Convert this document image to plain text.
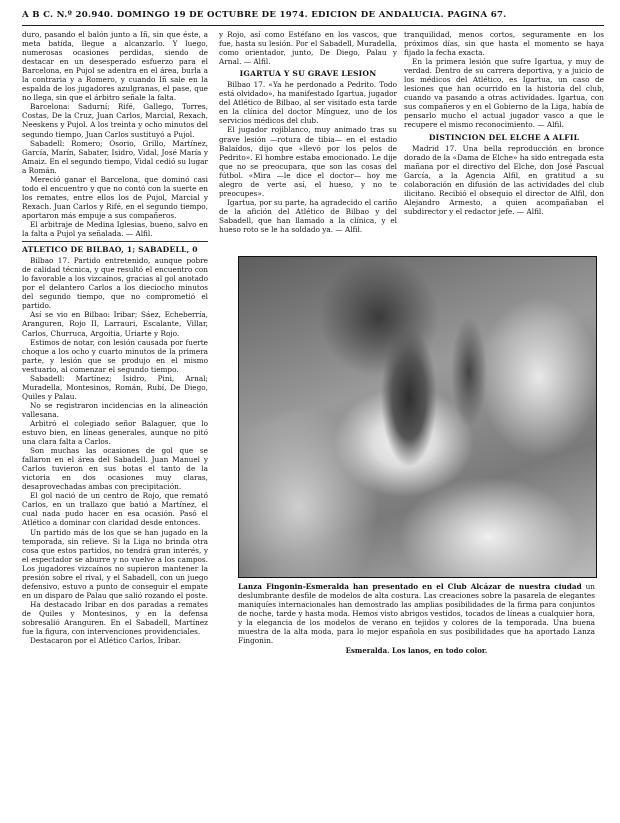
A B C. N.º 20.940. DOMINGO 19 DE OCTUBRE DE 1974. EDICION DE ANDALUCIA. PAGINA 67.

duro, pasando el balón junto a Iñ, sin que éste, a meta batida, llegue a alcanzarlo. Y luego, numerosas ocasiones perdidas, siendo de destacar en un desesperado esfuerzo para el Barcelona, en Pujol se adentra en el área, burla a la contraria y a Romero, y cuando Iñ sale en la espalda de los jugadores azulgranas, el pase, que no llega, sin que el árbitro señale la falta.

Barcelona: Sadurní; Rifé, Gallego, Torres, Costas, De la Cruz, Juan Carlos, Marcial, Rexach, Neeskens y Pujol. A los treinta y ocho minutos del segundo tiempo, Juan Carlos sustituyó a Pujol.

Sabadell: Romero; Osorio, Grillo, Martínez, García, Marín, Sabater, Isidro, Vidal, José María y Amaiz. En el segundo tiempo, Vidal cedió su lugar a Román.

Mereció ganar el Barcelona, que dominó casi todo el encuentro y que no contó con la suerte en los remates, entre ellos los de Pujol, Marcial y Rexach. Juan Carlos y Rifé, en el segundo tiempo, aportaron más empuje a sus compañeros.

El arbitraje de Medina Iglesias, bueno, salvo en la falta a Pujol ya señalada. — Alfil.

ATLETICO DE BILBAO, 1; SABADELL, 0

Bilbao 17. Partido entretenido, aunque pobre de calidad técnica, y que resultó el encuentro con lo favorable a los vizcaínos, gracias al gol anotado por el delantero Carlos a los dieciocho minutos del segundo tiempo, que no comprometió el partido.

Así se vio en Bilbao: Iribar; Sáez, Echeberría, Aranguren, Rojo II, Larrauri, Escalante, Villar, Carlos, Churruca, Argoitia, Uriarte y Rojo.

Estimos de notar, con lesión causada por fuerte choque a los ocho y cuarto minutos de la primera parte, y lesión que se produjo en el mismo vestuario, al comenzar el segundo tiempo.

Sabadell: Martínez; Isidro, Pini, Arnal; Muradella, Montesinos, Román, Rubí, De Diego, Quiles y Palau.

No se registraron incidencias en la alineación vallesana.

Arbitró el colegiado señor Balaguer, que lo estuvo bien, en líneas generales, aunque no pitó una clara falta a Carlos.

Son muchas las ocasiones de gol que se fallaron en el área del Sabadell. Juan Manuel y Carlos tuvieron en sus botas el tanto de la victoria en dos ocasiones muy claras, desaprovechadas ambas con precipitación.

El gol nació de un centro de Rojo, que remató Carlos, en un trallazo que batió a Martínez, el cual nada pudo hacer en esa ocasión. Pasó el Atlético a dominar con claridad desde entonces.

Un partido más de los que se han jugado en la temporada, sin relieve. Si la Liga no brinda otra cosa que estos partidos, no tendrá gran interés, y el espectador se aburre y no vuelve a los campos. Los jugadores vizcaínos no supieron mantener la presión sobre el rival, y el Sabadell, con un juego defensivo, estuvo a punto de conseguir el empate en un disparo de Palau que salió rozando el poste.

Ha destacado Iribar en dos paradas a remates de Quiles y Montesinos, y en la defensa sobresalió Aranguren. En el Sabadell, Martínez fue la figura, con intervenciones providenciales.

Destacaron por el Atlético Carlos, Iribar.

y Rojo, así como Estéfano en los vascos, que fue, hasta su lesión. Por el Sabadell, Muradella, como orientador, junto, De Diego, Palau y Arnal. — Alfil.

IGARTUA Y SU GRAVE LESION

Bilbao 17. «Ya he perdonado a Pedrito. Todo está olvidado», ha manifestado Igartua, jugador del Atlético de Bilbao, al ser visitado esta tarde en la clínica del doctor Mínguez, uno de los servicios médicos del club.

El jugador rojiblanco, muy animado tras su grave lesión —rotura de tibia— en el estadio Balaídos, dijo que «llevó por los pelos de Pedrito». El hombre estaba emocionado. Le dije que no se preocupara, que son las cosas del fútbol. «Mira —le dice el doctor— hoy me alegro de verte así, el hueso, y no te preocupes».

Igartua, por su parte, ha agradecido el cariño de la afición del Atlético de Bilbao y del Sabadell, que han llamado a la clínica, y el hueso roto se le ha soldado ya. — Alfil.

tranquilidad, menos cortos, seguramente en los próximos días, sin que hasta el momento se haya fijado la fecha exacta.

En la primera lesión que sufre Igartua, y muy de verdad. Dentro de su carrera deportiva, y a juicio de los médicos del Atlético, es Igartua, un caso de lesiones que han ocurrido en la historia del club, cuando va pasando a otras actividades. Igartua, con sus compañeros y en el Gobierno de la Liga, había de pensarlo mucho el actual jugador vasco a que le recupere el mismo reconocimiento. — Alfil.

DISTINCION DEL ELCHE A ALFIL

Madrid 17. Una bella reproducción en bronce dorado de la «Dama de Elche» ha sido entregada esta mañana por el directivo del Elche, don José Pascual García, a la Agencia Alfil, en gratitud a su colaboración en difusión de las actividades del club ilicitano. Recibió el obsequio el director de Alfil, don Alejandro Armesto, a quien acompañaban el subdirector y el redactor jefe. — Alfil.

Lanza Fingonin-Esmeralda han presentado en el Club Alcázar de nuestra ciudad un deslumbrante desfile de modelos de alta costura. Las creaciones sobre la pasarela de elegantes maniquíes internacionales han demostrado las amplias posibilidades de la firma para conjuntos de noche, tarde y hasta moda. Hemos visto abrigos vestidos, tocados de líneas a cualquier hora, y la elegancia de los modelos de verano en tejidos y colores de la temporada. Una buena muestra de la alta moda, para lo mejor española en sus posibilidades que ha aportado Lanza Fingonin.
Esmeralda. Los lanos, en todo color.
